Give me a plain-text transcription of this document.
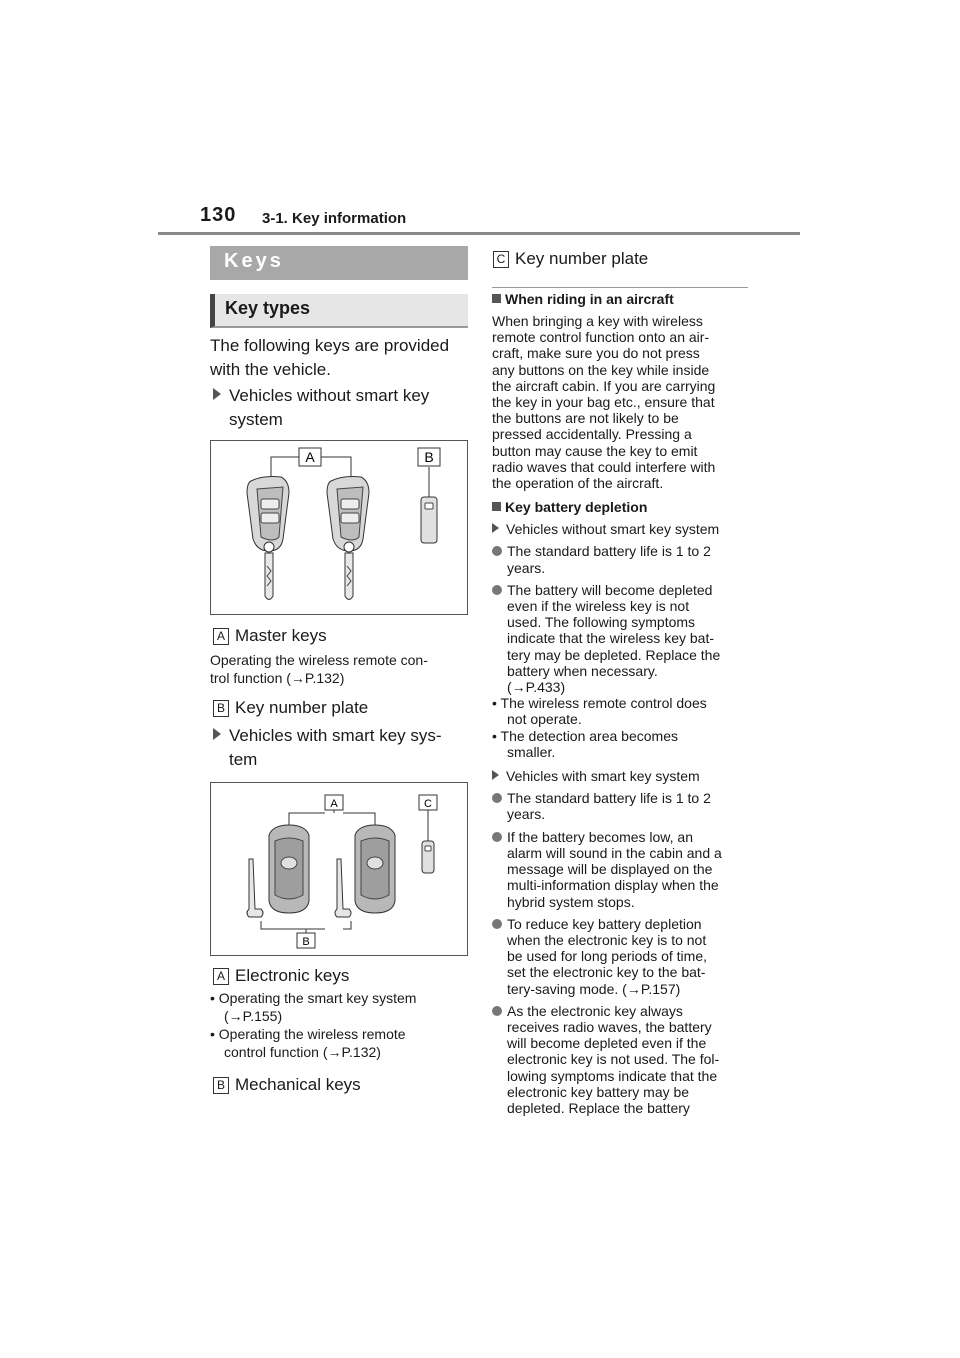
130 3-1. Key information
Keys
Key types
The following keys are provided
with the vehicle.
Vehicles without smart key
system
A	B
A Master keys
Operating the wireless remote con-
trol function (→P.132)
B Key number plate
Vehicles with smart key sys-
tem
A	C
B
A Electronic keys
• Operating the smart key system
(→P.155)
• Operating the wireless remote
control function (→P.132)
B Mechanical keys
C Key number plate
When riding in an aircraft
When bringing a key with wireless
remote control function onto an air-
craft, make sure you do not press
any buttons on the key while inside
the aircraft cabin. If you are carrying
the key in your bag etc., ensure that
the buttons are not likely to be
pressed accidentally. Pressing a
button may cause the key to emit
radio waves that could interfere with
the operation of the aircraft.
Key battery depletion
Vehicles without smart key system
The standard battery life is 1 to 2
years.
The battery will become depleted
even if the wireless key is not
used. The following symptoms
indicate that the wireless key bat-
tery may be depleted. Replace the
battery when necessary.
(→P.433)
• The wireless remote control does
not operate.
• The detection area becomes
smaller.
Vehicles with smart key system
The standard battery life is 1 to 2
years.
If the battery becomes low, an
alarm will sound in the cabin and a
message will be displayed on the
multi-information display when the
hybrid system stops.
To reduce key battery depletion
when the electronic key is to not
be used for long periods of time,
set the electronic key to the bat-
tery-saving mode. (→P.157)
As the electronic key always
receives radio waves, the battery
will become depleted even if the
electronic key is not used. The fol-
lowing symptoms indicate that the
electronic key battery may be
depleted. Replace the battery
